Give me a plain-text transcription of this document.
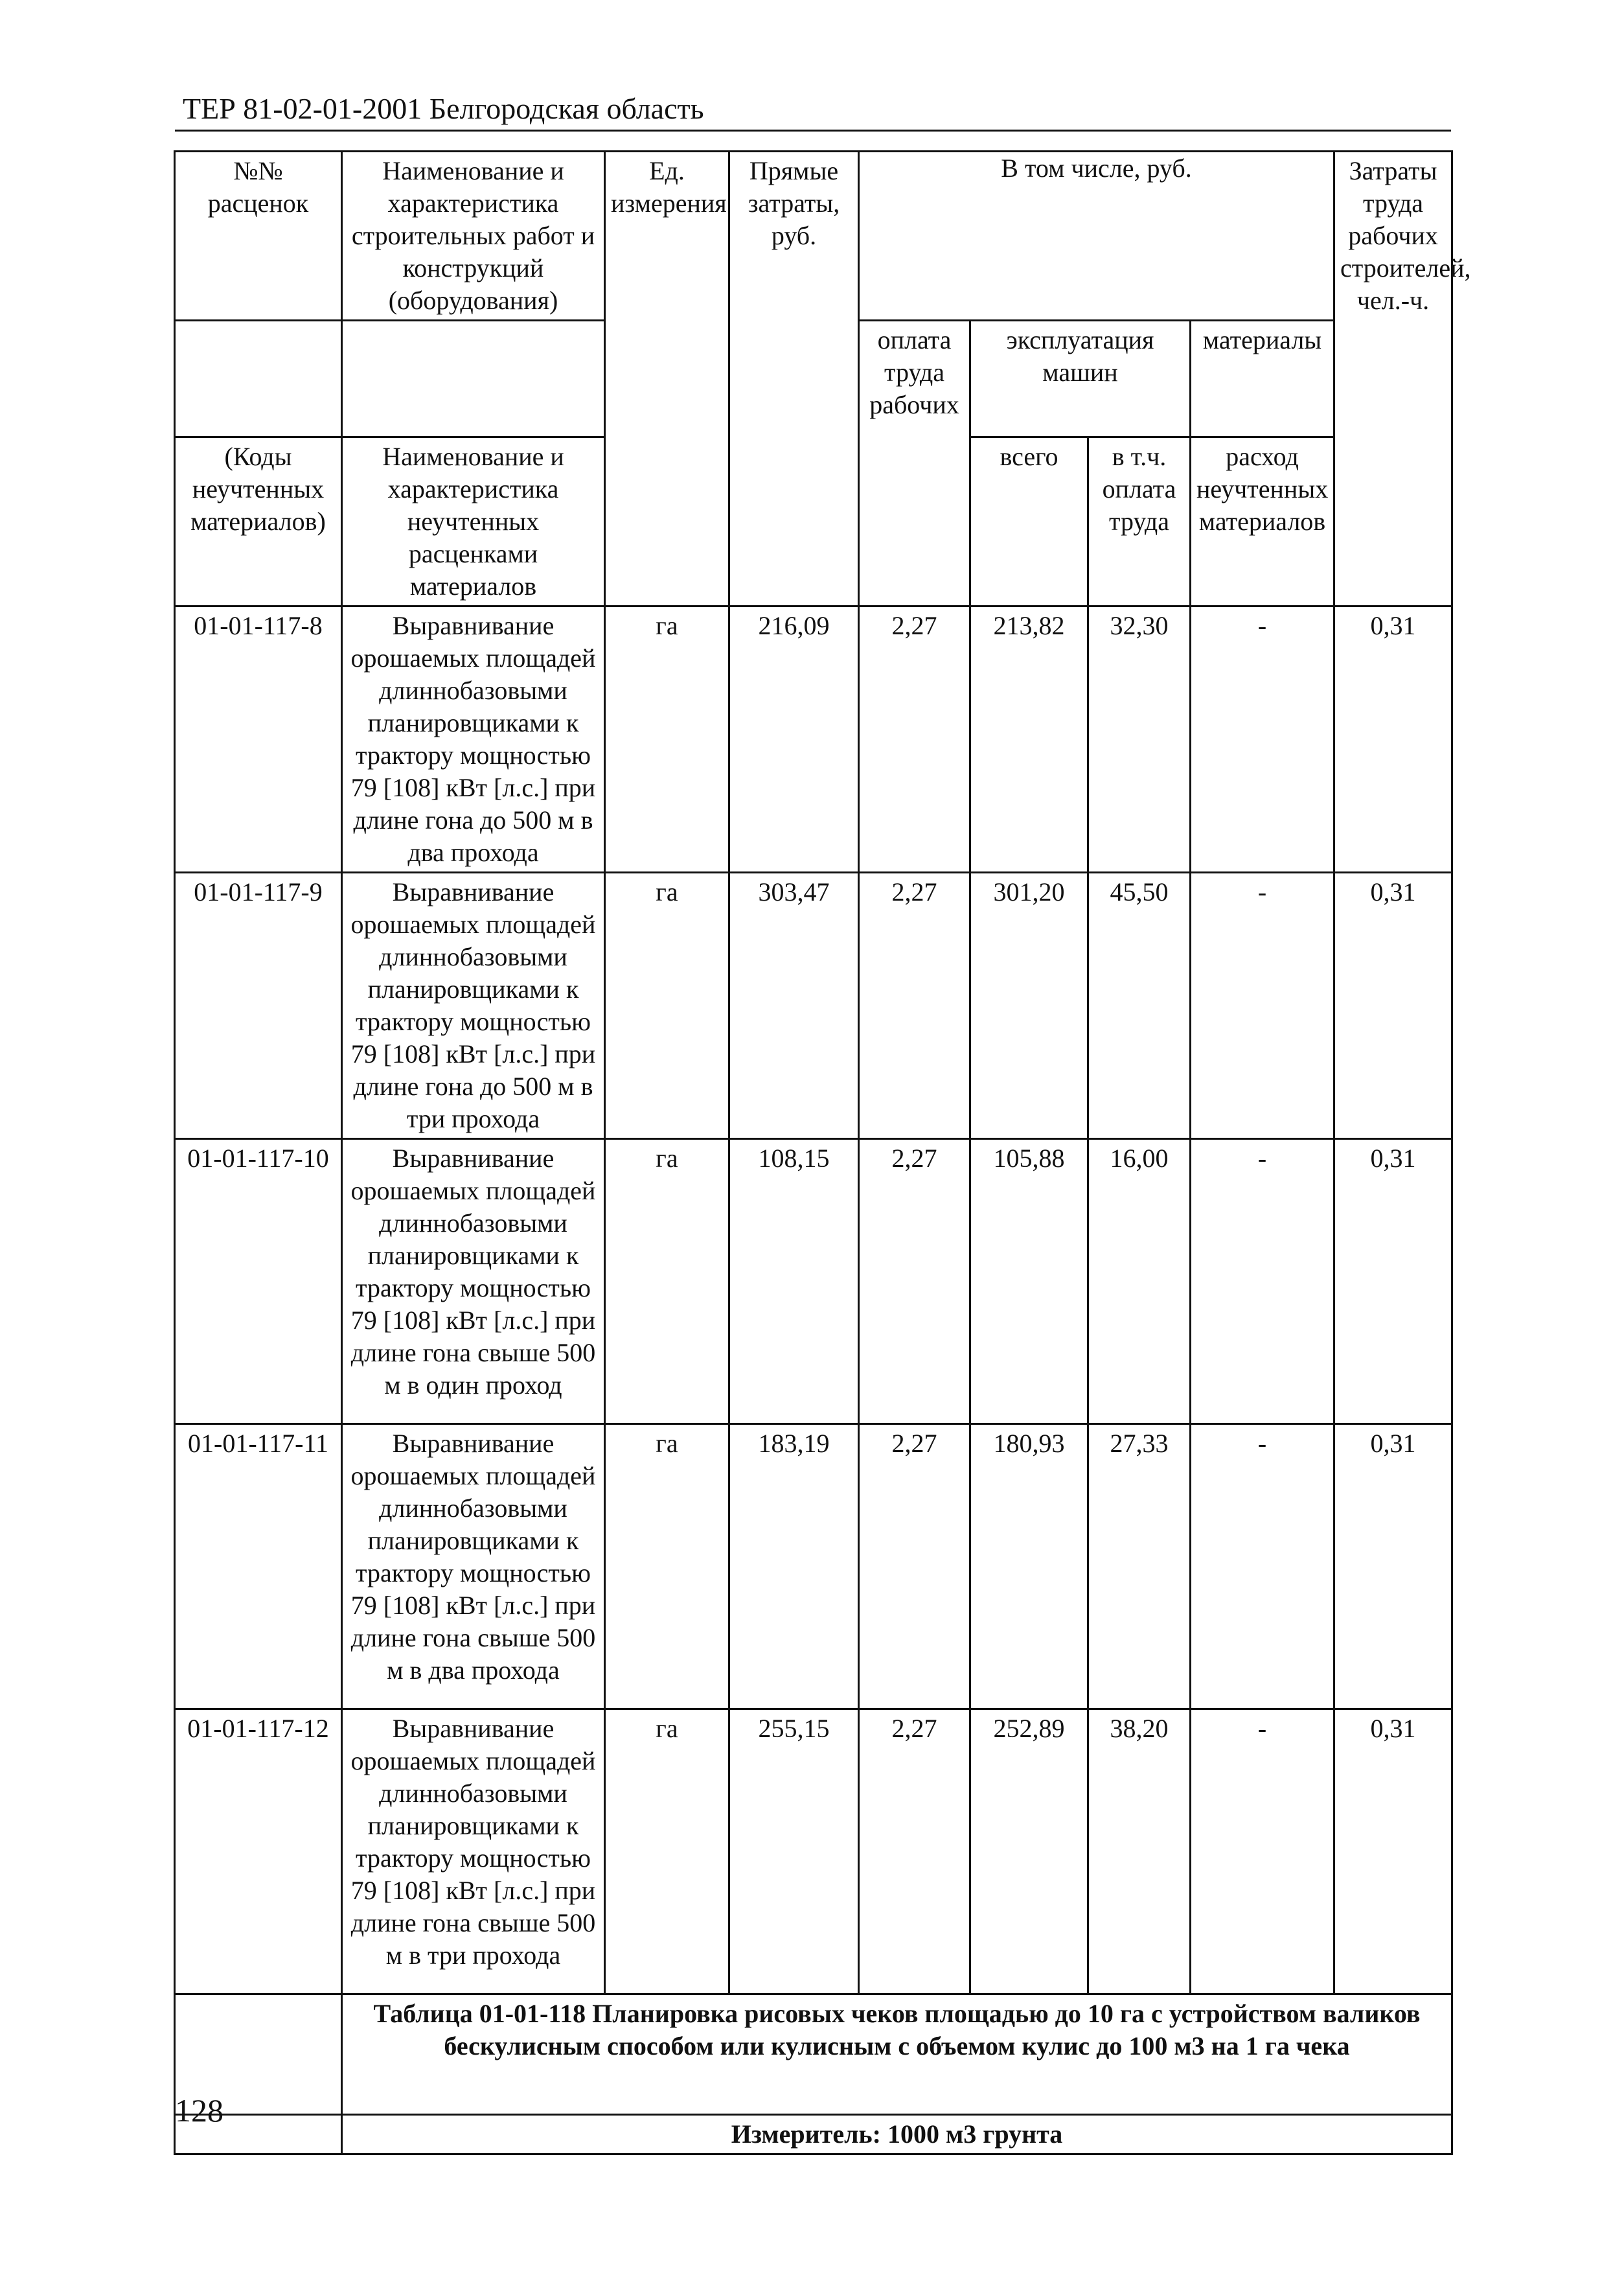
ТЕР 81-02-01-2001 Белгородская область
№№ расценок	Наименование и характеристика строительных работ и конструкций (оборудования)	Ед. измерения	Прямые затраты, руб.	В том числе, руб.				Затраты труда рабочих строителей, чел.-ч.
				оплата труда рабочих	эксплуатация машин		материалы	
(Коды неучтенных материалов)	Наименование и характеристика неучтенных расценками материалов				всего	в т.ч. оплата труда	расход неучтенных материалов	
01-01-117-8	Выравнивание орошаемых площадей длиннобазовыми планировщиками к трактору мощностью 79 [108] кВт [л.с.] при длине гона до 500 м в два прохода	га	216,09	2,27	213,82	32,30	-	0,31
01-01-117-9	Выравнивание орошаемых площадей длиннобазовыми планировщиками к трактору мощностью 79 [108] кВт [л.с.] при длине гона до 500 м в три прохода	га	303,47	2,27	301,20	45,50	-	0,31
01-01-117-10	Выравнивание орошаемых площадей длиннобазовыми планировщиками к трактору мощностью 79 [108] кВт [л.с.] при длине гона свыше 500 м в один проход	га	108,15	2,27	105,88	16,00	-	0,31
01-01-117-11	Выравнивание орошаемых площадей длиннобазовыми планировщиками к трактору мощностью 79 [108] кВт [л.с.] при длине гона свыше 500 м в два прохода	га	183,19	2,27	180,93	27,33	-	0,31
01-01-117-12	Выравнивание орошаемых площадей длиннобазовыми планировщиками к трактору мощностью 79 [108] кВт [л.с.] при длине гона свыше 500 м в три прохода	га	255,15	2,27	252,89	38,20	-	0,31
	Таблица 01-01-118 Планировка рисовых чеков площадью до 10 га с устройством валиков бескулисным способом или кулисным с объемом кулис до 100 м3 на 1 га чека							
	Измеритель: 1000 м3 грунта							
128
